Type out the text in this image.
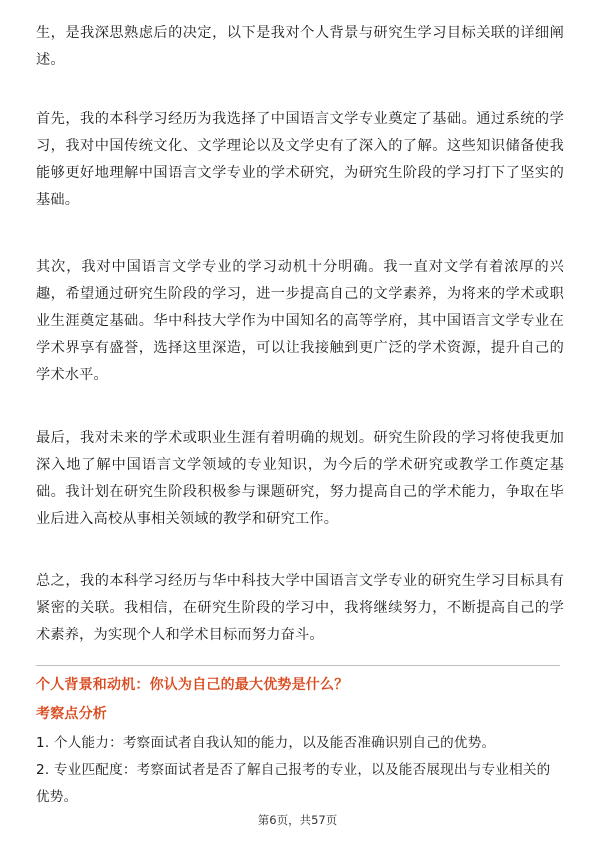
生，是我深思熟虑后的决定，以下是我对个人背景与研究生学习目标关联的详细阐述。

首先，我的本科学习经历为我选择了中国语言文学专业奠定了基础。通过系统的学习，我对中国传统文化、文学理论以及文学史有了深入的了解。这些知识储备使我能够更好地理解中国语言文学专业的学术研究，为研究生阶段的学习打下了坚实的基础。

其次，我对中国语言文学专业的学习动机十分明确。我一直对文学有着浓厚的兴趣，希望通过研究生阶段的学习，进一步提高自己的文学素养，为将来的学术或职业生涯奠定基础。华中科技大学作为中国知名的高等学府，其中国语言文学专业在学术界享有盛誉，选择这里深造，可以让我接触到更广泛的学术资源，提升自己的学术水平。

最后，我对未来的学术或职业生涯有着明确的规划。研究生阶段的学习将使我更加深入地了解中国语言文学领域的专业知识，为今后的学术研究或教学工作奠定基础。我计划在研究生阶段积极参与课题研究，努力提高自己的学术能力，争取在毕业后进入高校从事相关领域的教学和研究工作。

总之，我的本科学习经历与华中科技大学中国语言文学专业的研究生学习目标具有紧密的关联。我相信，在研究生阶段的学习中，我将继续努力，不断提高自己的学术素养，为实现个人和学术目标而努力奋斗。

个人背景和动机：你认为自己的最大优势是什么？
考察点分析
1. 个人能力：考察面试者自我认知的能力，以及能否准确识别自己的优势。
2. 专业匹配度：考察面试者是否了解自己报考的专业，以及能否展现出与专业相关的优势。
第6页，共57页
